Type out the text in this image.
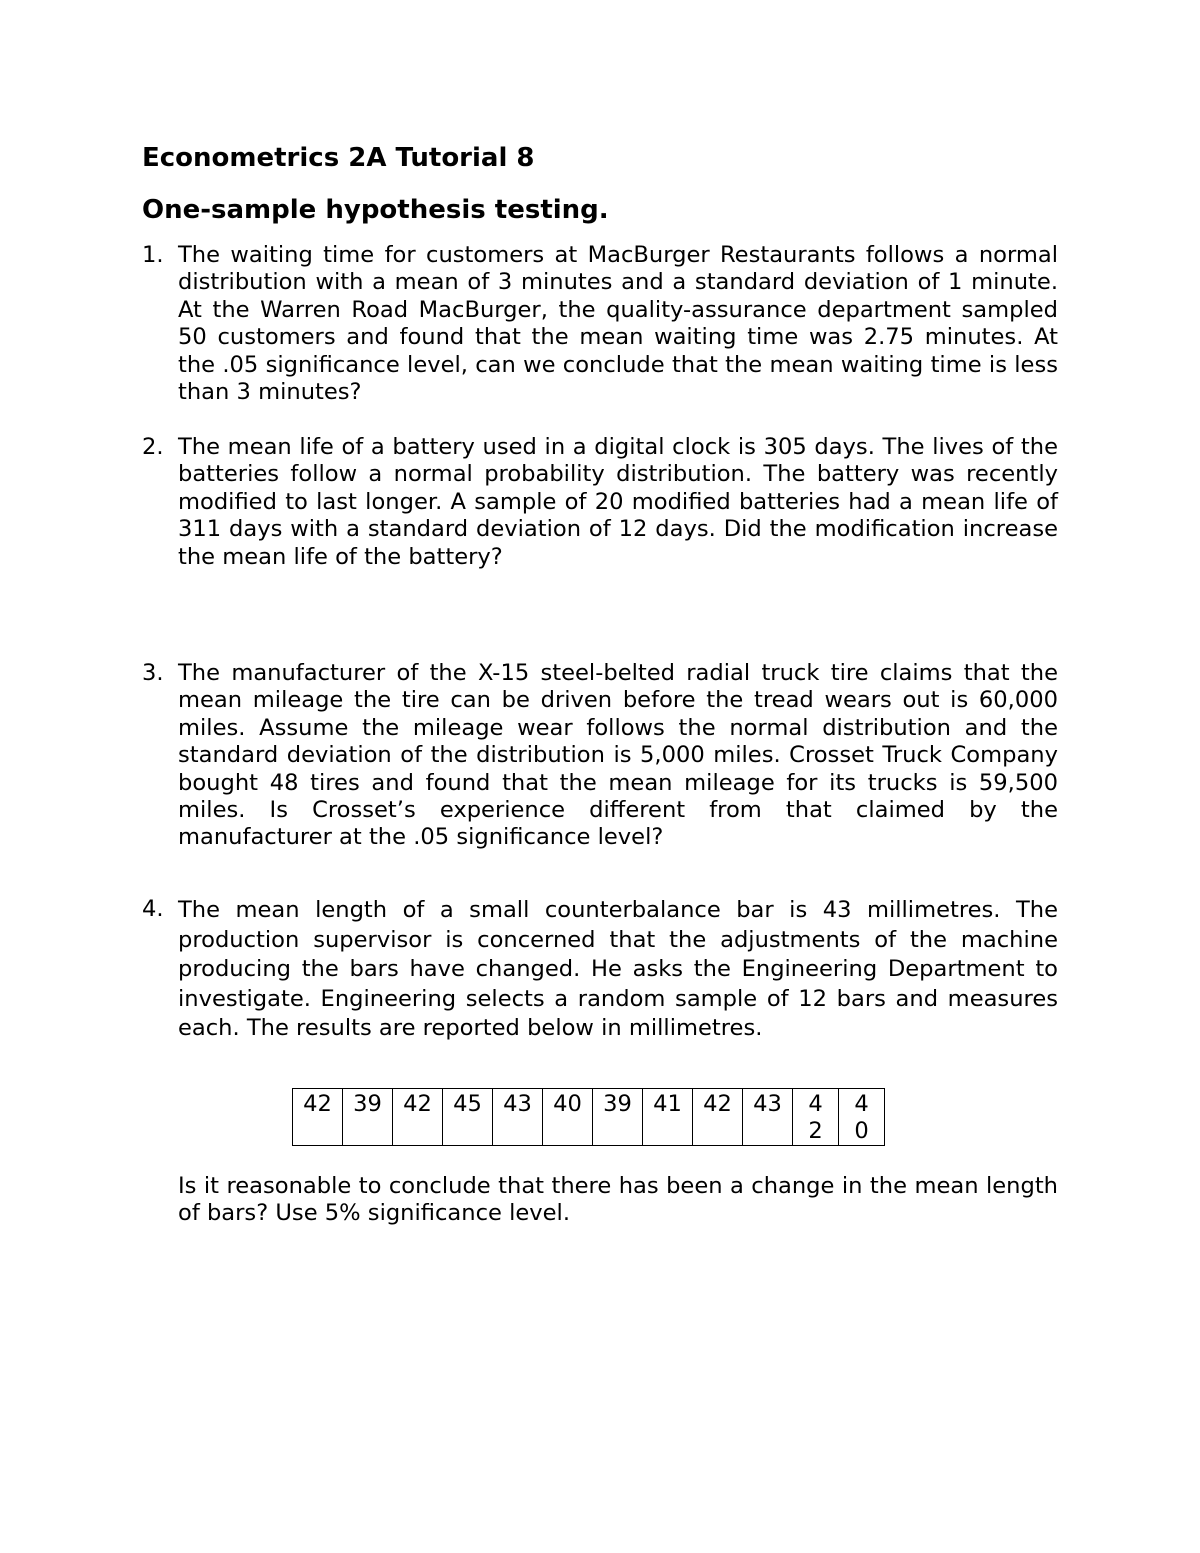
Econometrics 2A Tutorial 8
One-sample hypothesis testing.
1. The waiting time for customers at MacBurger Restaurants follows a normal distribution with a mean of 3 minutes and a standard deviation of 1 minute. At the Warren Road MacBurger, the quality-assurance department sampled 50 customers and found that the mean waiting time was 2.75 minutes. At the .05 significance level, can we conclude that the mean waiting time is less than 3 minutes?
2. The mean life of a battery used in a digital clock is 305 days. The lives of the batteries follow a normal probability distribution. The battery was recently modified to last longer. A sample of 20 modified batteries had a mean life of 311 days with a standard deviation of 12 days. Did the modification increase the mean life of the battery?
3. The manufacturer of the X-15 steel-belted radial truck tire claims that the mean mileage the tire can be driven before the tread wears out is 60,000 miles. Assume the mileage wear follows the normal distribution and the standard deviation of the distribution is 5,000 miles. Crosset Truck Company bought 48 tires and found that the mean mileage for its trucks is 59,500 miles. Is Crosset’s experience different from that claimed by the manufacturer at the .05 significance level?
4. The mean length of a small counterbalance bar is 43 millimetres. The production supervisor is concerned that the adjustments of the machine producing the bars have changed. He asks the Engineering Department to investigate. Engineering selects a random sample of 12 bars and measures each. The results are reported below in millimetres.
42	39	42	45	43	40	39	41	42	43	42	40
Is it reasonable to conclude that there has been a change in the mean length of bars? Use 5% significance level.
